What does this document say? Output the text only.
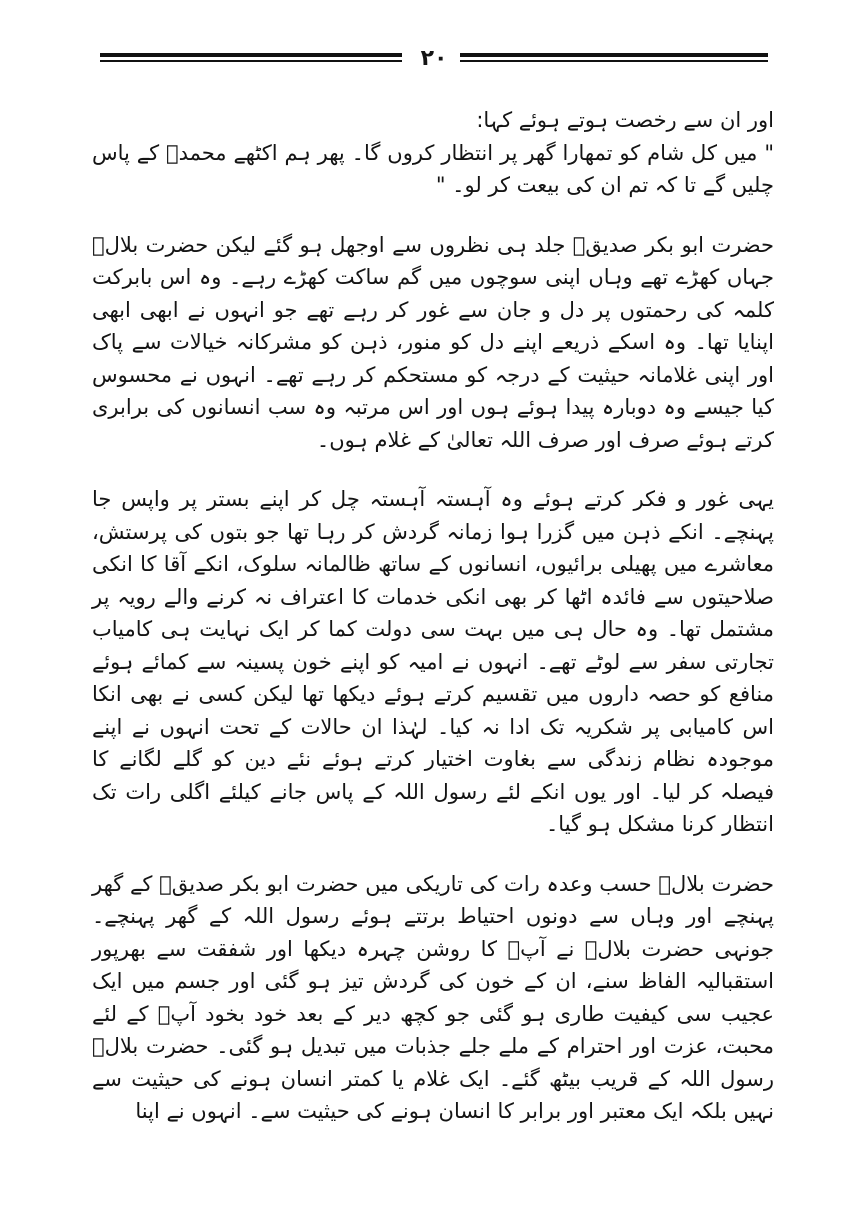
۲۰

اور ان سے رخصت ہوتے ہوئے کہا:

" میں کل شام کو تمھارا گھر پر انتظار کروں گا۔ پھر ہم اکٹھے محمدؐ کے پاس چلیں گے تا کہ تم ان کی بیعت کر لو۔ "

حضرت ابو بکر صدیقؓ جلد ہی نظروں سے اوجھل ہو گئے لیکن حضرت بلالؓ جہاں کھڑے تھے وہاں اپنی سوچوں میں گم ساکت کھڑے رہے۔ وہ اس بابرکت کلمہ کی رحمتوں پر دل و جان سے غور کر رہے تھے جو انہوں نے ابھی ابھی اپنایا تھا۔ وہ اسکے ذریعے اپنے دل کو منور، ذہن کو مشرکانہ خیالات سے پاک اور اپنی غلامانہ حیثیت کے درجہ کو مستحکم کر رہے تھے۔ انہوں نے محسوس کیا جیسے وہ دوبارہ پیدا ہوئے ہوں اور اس مرتبہ وہ سب انسانوں کی برابری کرتے ہوئے صرف اور صرف اللہ تعالیٰ کے غلام ہوں۔

یہی غور و فکر کرتے ہوئے وہ آہستہ آہستہ چل کر اپنے بستر پر واپس جا پہنچے۔ انکے ذہن میں گزرا ہوا زمانہ گردش کر رہا تھا جو بتوں کی پرستش، معاشرے میں پھیلی برائیوں، انسانوں کے ساتھ ظالمانہ سلوک، انکے آقا کا انکی صلاحیتوں سے فائدہ اٹھا کر بھی انکی خدمات کا اعتراف نہ کرنے والے رویہ پر مشتمل تھا۔ وہ حال ہی میں بہت سی دولت کما کر ایک نہایت ہی کامیاب تجارتی سفر سے لوٹے تھے۔ انہوں نے امیہ کو اپنے خون پسینہ سے کمائے ہوئے منافع کو حصہ داروں میں تقسیم کرتے ہوئے دیکھا تھا لیکن کسی نے بھی انکا اس کامیابی پر شکریہ تک ادا نہ کیا۔ لہٰذا ان حالات کے تحت انہوں نے اپنے موجودہ نظام زندگی سے بغاوت اختیار کرتے ہوئے نئے دین کو گلے لگانے کا فیصلہ کر لیا۔ اور یوں انکے لئے رسول اللہ کے پاس جانے کیلئے اگلی رات تک انتظار کرنا مشکل ہو گیا۔

حضرت بلالؓ حسب وعدہ رات کی تاریکی میں حضرت ابو بکر صدیقؓ کے گھر پہنچے اور وہاں سے دونوں احتیاط برتتے ہوئے رسول اللہ کے گھر پہنچے۔ جونہی حضرت بلالؓ نے آپؐ کا روشن چہرہ دیکھا اور شفقت سے بھرپور استقبالیہ الفاظ سنے، ان کے خون کی گردش تیز ہو گئی اور جسم میں ایک عجیب سی کیفیت طاری ہو گئی جو کچھ دیر کے بعد خود بخود آپؐ کے لئے محبت، عزت اور احترام کے ملے جلے جذبات میں تبدیل ہو گئی۔ حضرت بلالؓ رسول اللہ کے قریب بیٹھ گئے۔ ایک غلام یا کمتر انسان ہونے کی حیثیت سے نہیں بلکہ ایک معتبر اور برابر کا انسان ہونے کی حیثیت سے۔ انہوں نے اپنا
